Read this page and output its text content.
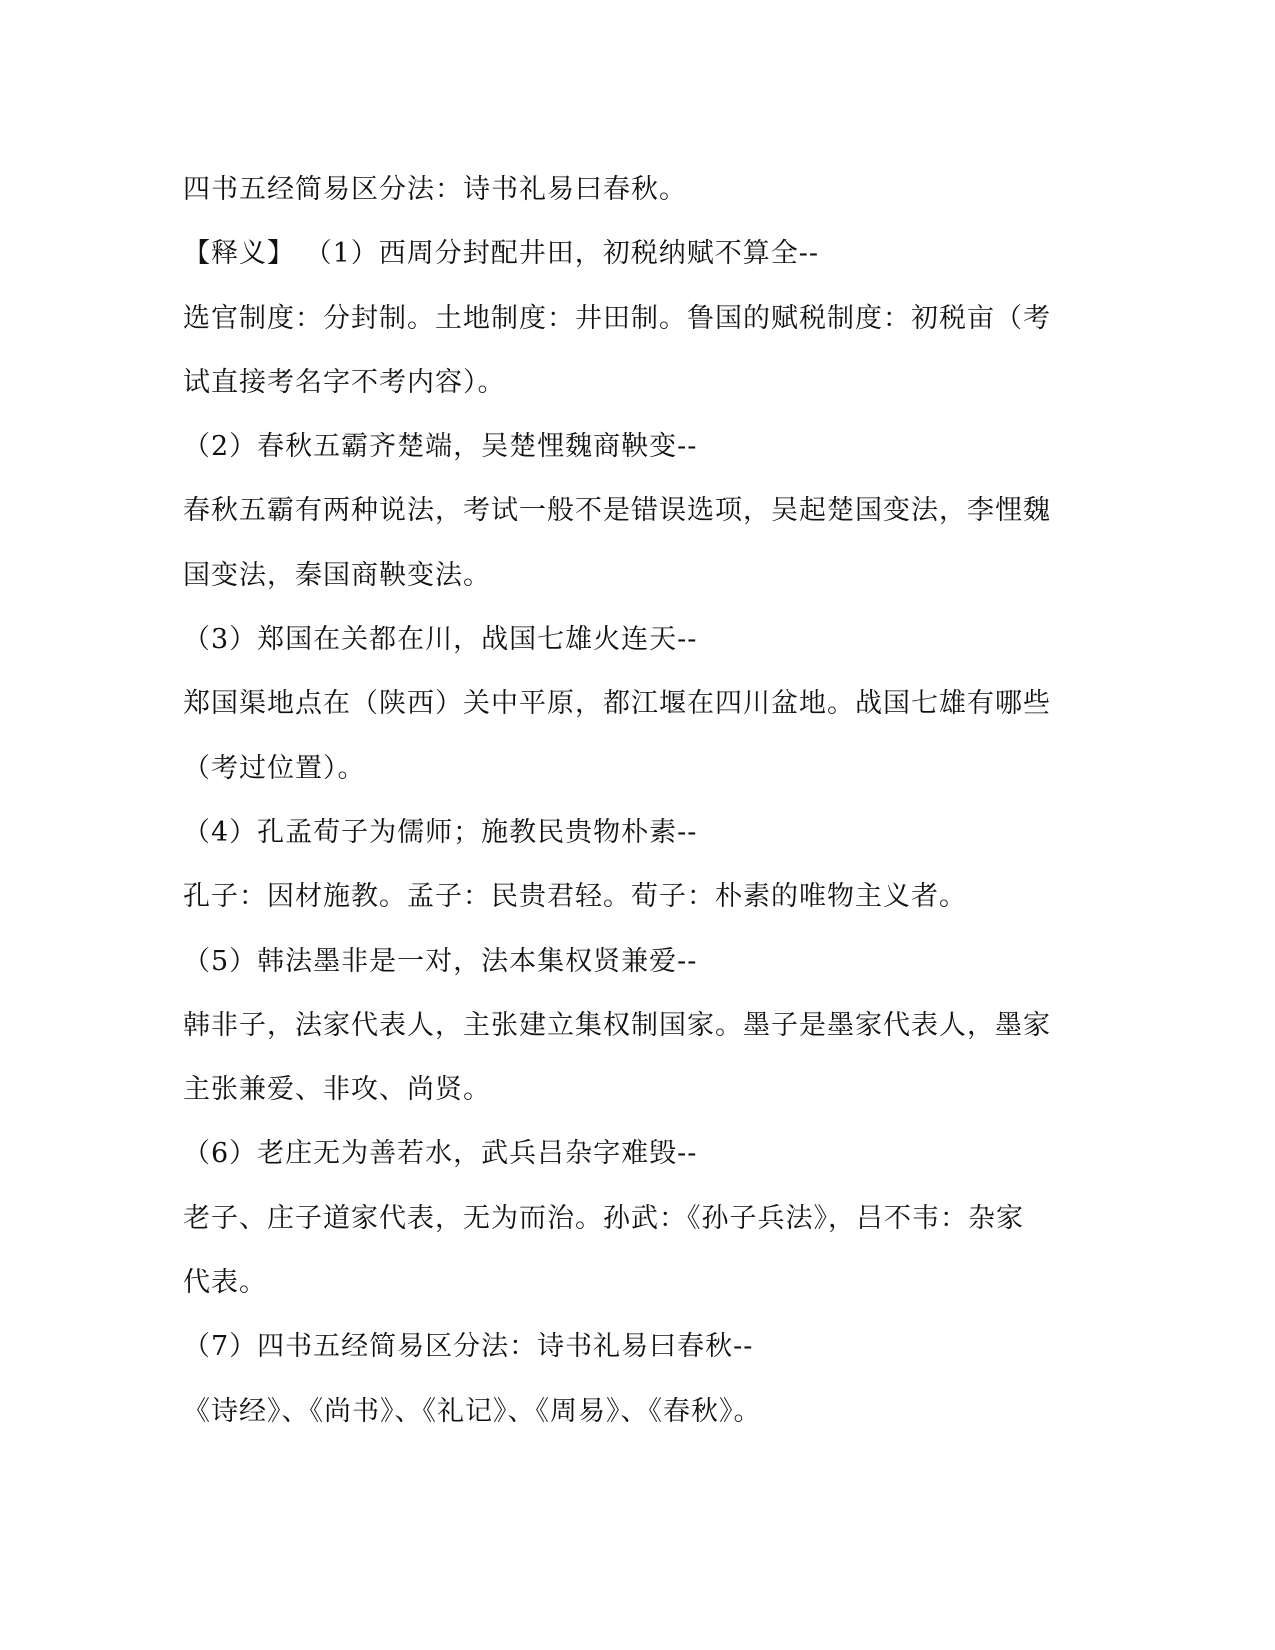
四书五经简易区分法：诗书礼易曰春秋。
【释义】 （1）西周分封配井田，初税纳赋不算全--
选官制度：分封制。土地制度：井田制。鲁国的赋税制度：初税亩（考
试直接考名字不考内容）。
（2）春秋五霸齐楚端，吴楚悝魏商鞅变--
春秋五霸有两种说法，考试一般不是错误选项，吴起楚国变法，李悝魏
国变法，秦国商鞅变法。
（3）郑国在关都在川，战国七雄火连天--
郑国渠地点在（陕西）关中平原，都江堰在四川盆地。战国七雄有哪些
（考过位置）。
（4）孔孟荀子为儒师；施教民贵物朴素--
孔子：因材施教。孟子：民贵君轻。荀子：朴素的唯物主义者。
（5）韩法墨非是一对，法本集权贤兼爱--
韩非子，法家代表人，主张建立集权制国家。墨子是墨家代表人，墨家
主张兼爱、非攻、尚贤。
（6）老庄无为善若水，武兵吕杂字难毁--
老子、庄子道家代表，无为而治。孙武：《孙子兵法》，吕不韦：杂家
代表。
（7）四书五经简易区分法：诗书礼易曰春秋--
《诗经》、《尚书》、《礼记》、《周易》、《春秋》。
